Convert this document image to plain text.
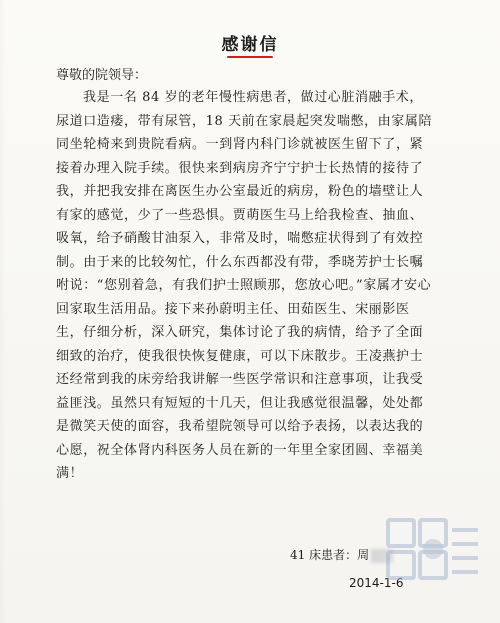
感谢信
尊敬的院领导：
我是一名 84 岁的老年慢性病患者，做过心脏消融手术，尿道口造瘘，带有尿管，18 天前在家晨起突发喘憋，由家属陪同坐轮椅来到贵院看病。一到肾内科门诊就被医生留下了，紧接着办理入院手续。很快来到病房齐宁宁护士长热情的接待了我，并把我安排在离医生办公室最近的病房，粉色的墙壁让人有家的感觉，少了一些恐惧。贾萌医生马上给我检查、抽血、吸氧，给予硝酸甘油泵入，非常及时，喘憋症状得到了有效控制。由于来的比较匆忙，什么东西都没有带，季晓芳护士长嘱咐说：“您别着急，有我们护士照顾那，您放心吧。”家属才安心回家取生活用品。接下来孙蔚明主任、田茹医生、宋丽影医生，仔细分析，深入研究，集体讨论了我的病情，给予了全面细致的治疗，使我很快恢复健康，可以下床散步。王凌燕护士还经常到我的床旁给我讲解一些医学常识和注意事项，让我受益匪浅。虽然只有短短的十几天，但让我感觉很温馨，处处都是微笑天使的面容，我希望院领导可以给予表扬，以表达我的心愿，祝全体肾内科医务人员在新的一年里全家团圆、幸福美满！
41 床患者：周
2014-1-6
